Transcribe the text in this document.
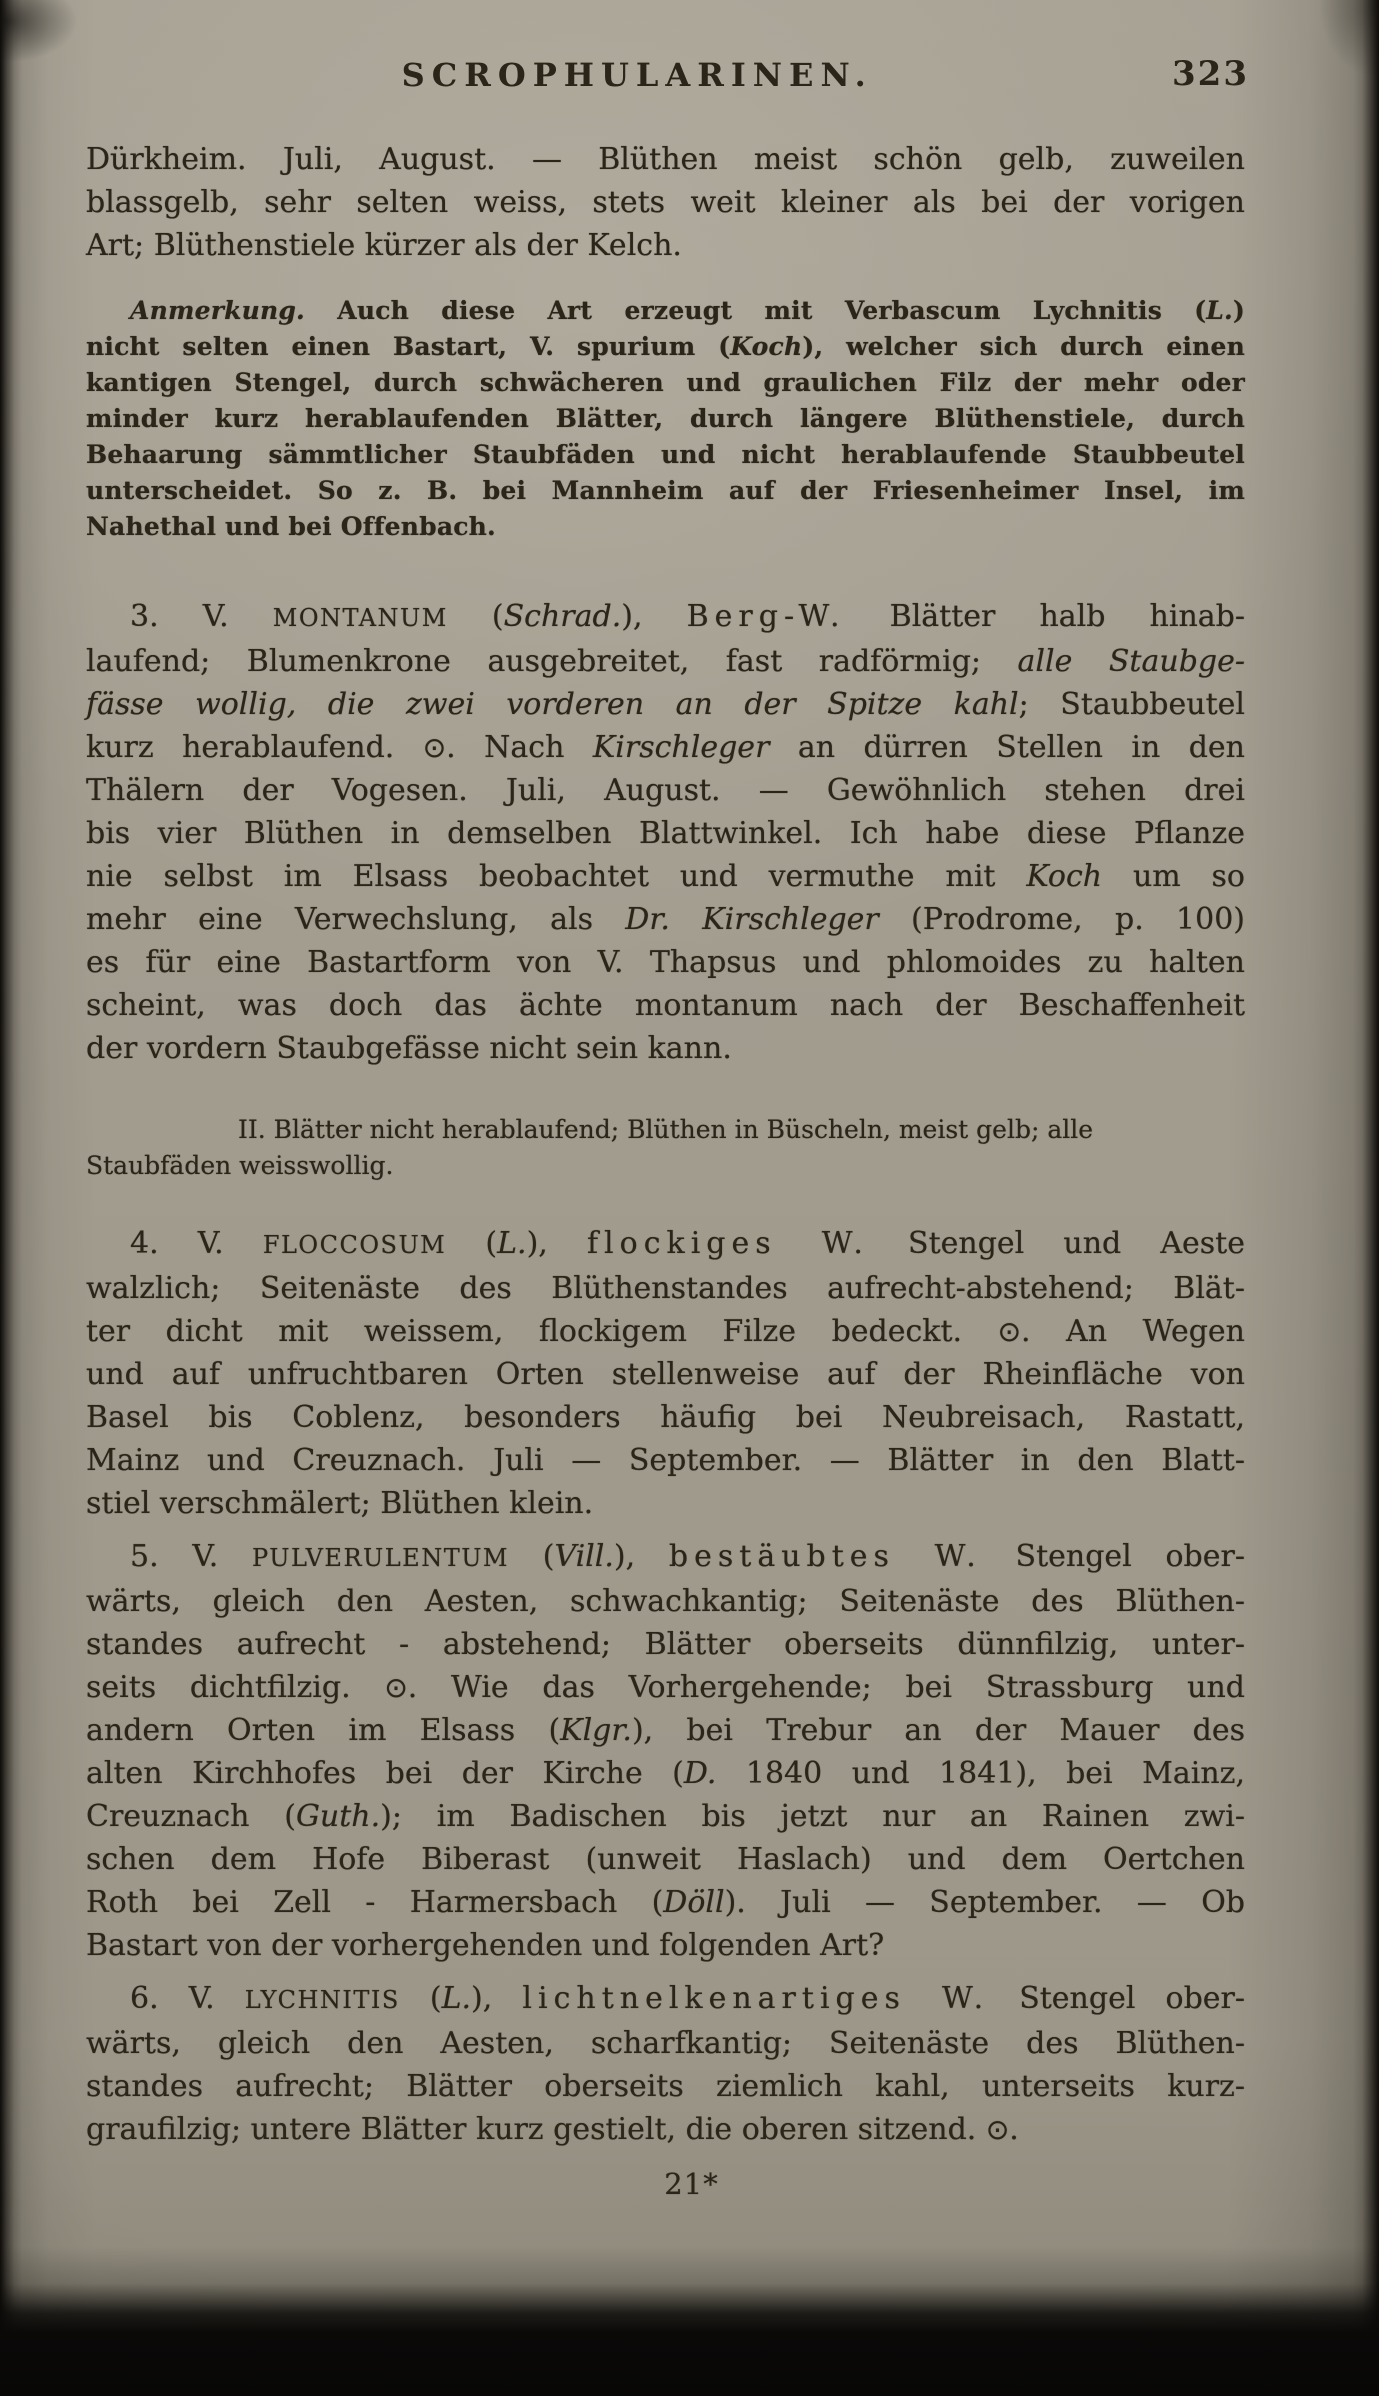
SCROPHULARINEN.	323
Dürkheim. Juli, August. — Blüthen meist schön gelb, zuweilen
blassgelb, sehr selten weiss, stets weit kleiner als bei der vorigen
Art; Blüthenstiele kürzer als der Kelch.
Anmerkung. Auch diese Art erzeugt mit Verbascum Lychnitis (L.)
nicht selten einen Bastart, V. spurium (Koch), welcher sich durch einen
kantigen Stengel, durch schwächeren und graulichen Filz der mehr oder
minder kurz herablaufenden Blätter, durch längere Blüthenstiele, durch
Behaarung sämmtlicher Staubfäden und nicht herablaufende Staubbeutel
unterscheidet. So z. B. bei Mannheim auf der Friesenheimer Insel, im
Nahethal und bei Offenbach.
3. V. MONTANUM (Schrad.), Berg-W. Blätter halb hinab-
laufend; Blumenkrone ausgebreitet, fast radförmig; alle Staubge-
fässe wollig, die zwei vorderen an der Spitze kahl; Staubbeutel
kurz herablaufend. ⊙. Nach Kirschleger an dürren Stellen in den
Thälern der Vogesen. Juli, August. — Gewöhnlich stehen drei
bis vier Blüthen in demselben Blattwinkel. Ich habe diese Pflanze
nie selbst im Elsass beobachtet und vermuthe mit Koch um so
mehr eine Verwechslung, als Dr. Kirschleger (Prodrome, p. 100)
es für eine Bastartform von V. Thapsus und phlomoides zu halten
scheint, was doch das ächte montanum nach der Beschaffenheit
der vordern Staubgefässe nicht sein kann.
II. Blätter nicht herablaufend; Blüthen in Büscheln, meist gelb; alle
Staubfäden weisswollig.
4. V. FLOCCOSUM (L.), flockiges W. Stengel und Aeste
walzlich; Seitenäste des Blüthenstandes aufrecht-abstehend; Blät-
ter dicht mit weissem, flockigem Filze bedeckt. ⊙. An Wegen
und auf unfruchtbaren Orten stellenweise auf der Rheinfläche von
Basel bis Coblenz, besonders häufig bei Neubreisach, Rastatt,
Mainz und Creuznach. Juli — September. — Blätter in den Blatt-
stiel verschmälert; Blüthen klein.
5. V. PULVERULENTUM (Vill.), bestäubtes W. Stengel ober-
wärts, gleich den Aesten, schwachkantig; Seitenäste des Blüthen-
standes aufrecht - abstehend; Blätter oberseits dünnfilzig, unter-
seits dichtfilzig. ⊙. Wie das Vorhergehende; bei Strassburg und
andern Orten im Elsass (Klgr.), bei Trebur an der Mauer des
alten Kirchhofes bei der Kirche (D. 1840 und 1841), bei Mainz,
Creuznach (Guth.); im Badischen bis jetzt nur an Rainen zwi-
schen dem Hofe Biberast (unweit Haslach) und dem Oertchen
Roth bei Zell - Harmersbach (Döll). Juli — September. — Ob
Bastart von der vorhergehenden und folgenden Art?
6. V. LYCHNITIS (L.), lichtnelkenartiges W. Stengel ober-
wärts, gleich den Aesten, scharfkantig; Seitenäste des Blüthen-
standes aufrecht; Blätter oberseits ziemlich kahl, unterseits kurz-
graufilzig; untere Blätter kurz gestielt, die oberen sitzend. ⊙.
21*
